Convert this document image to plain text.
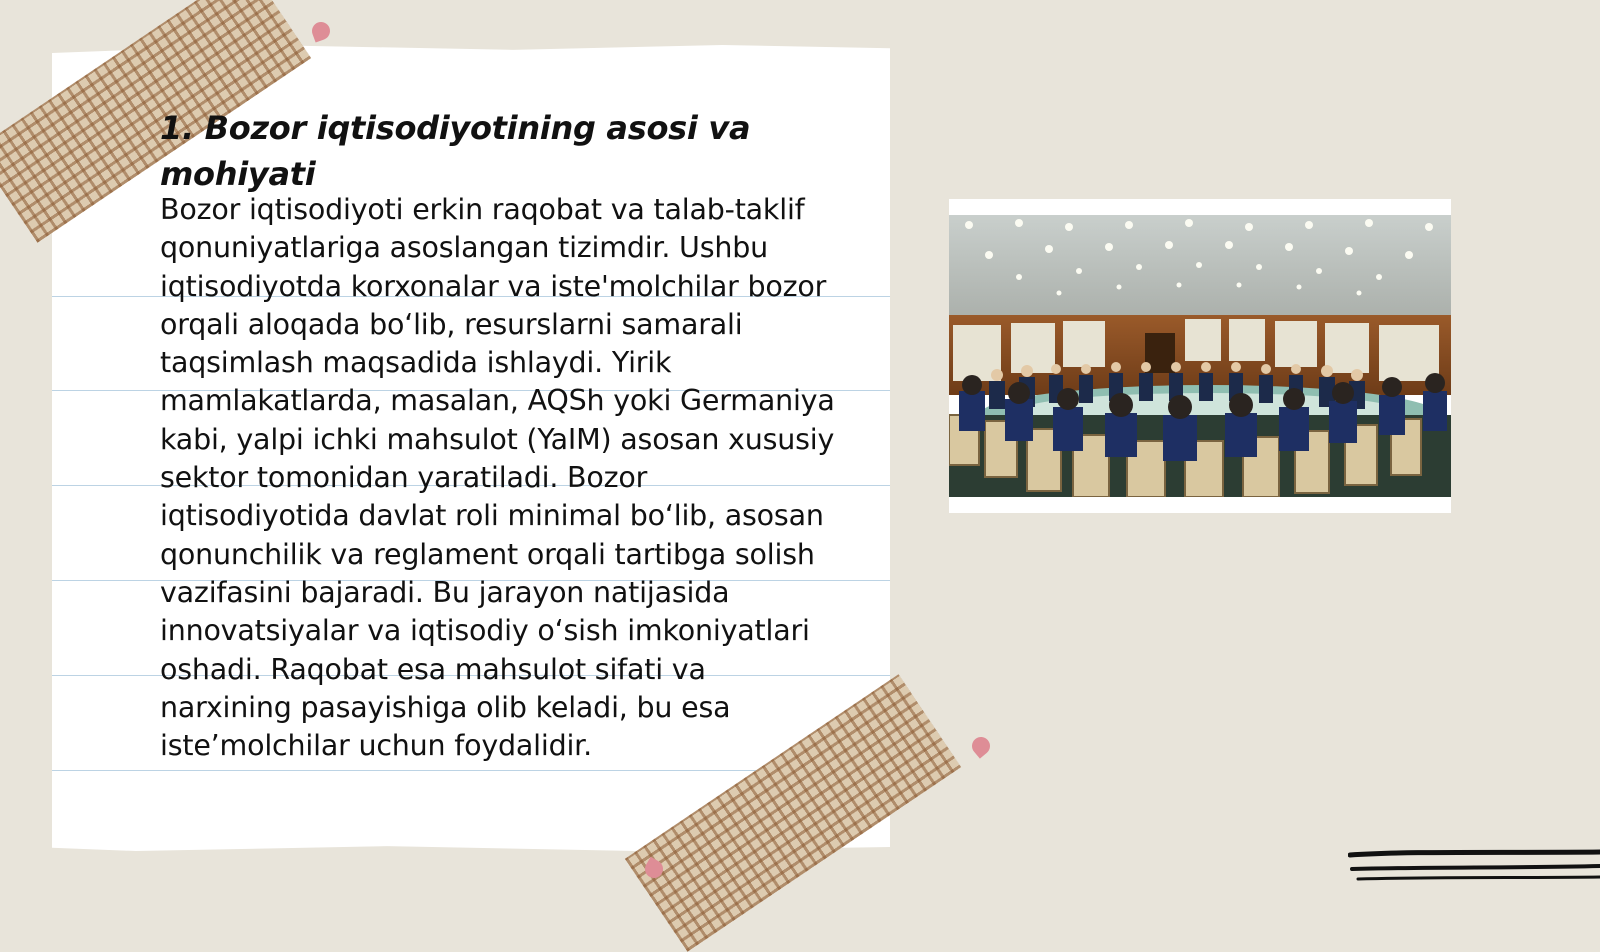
1. Bozor iqtisodiyotining asosi va mohiyati

Bozor iqtisodiyoti erkin raqobat va talab-taklif qonuniyatlariga asoslangan tizimdir. Ushbu iqtisodiyotda korxonalar va iste'molchilar bozor orqali aloqada bo‘lib, resurslarni samarali taqsimlash maqsadida ishlaydi. Yirik mamlakatlarda, masalan, AQSh yoki Germaniya kabi, yalpi ichki mahsulot (YaIM) asosan xususiy sektor tomonidan yaratiladi. Bozor iqtisodiyotida davlat roli minimal bo‘lib, asosan qonunchilik va reglament orqali tartibga solish vazifasini bajaradi. Bu jarayon natijasida innovatsiyalar va iqtisodiy o‘sish imkoniyatlari oshadi. Raqobat esa mahsulot sifati va narxining pasayishiga olib keladi, bu esa iste’molchilar uchun foydalidir.
